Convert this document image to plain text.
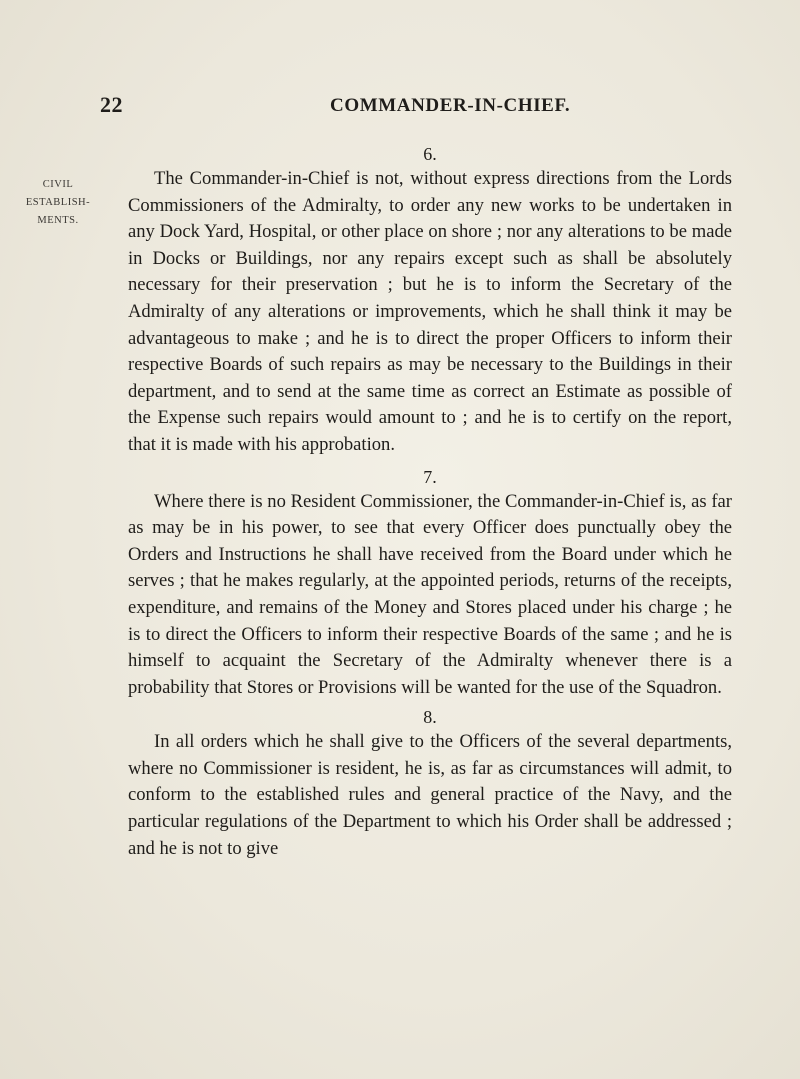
22	COMMANDER-IN-CHIEF.
CIVIL
ESTABLISH-
MENTS.
6.

The Commander-in-Chief is not, without express directions from the Lords Commissioners of the Admiralty, to order any new works to be undertaken in any Dock Yard, Hospital, or other place on shore ; nor any alterations to be made in Docks or Buildings, nor any repairs except such as shall be absolutely necessary for their preservation ; but he is to inform the Secretary of the Admiralty of any alterations or improvements, which he shall think it may be advantageous to make ; and he is to direct the proper Officers to inform their respective Boards of such repairs as may be necessary to the Buildings in their department, and to send at the same time as correct an Estimate as possible of the Expense such repairs would amount to ; and he is to certify on the report, that it is made with his approbation.

7.

Where there is no Resident Commissioner, the Commander-in-Chief is, as far as may be in his power, to see that every Officer does punctually obey the Orders and Instructions he shall have received from the Board under which he serves ; that he makes regularly, at the appointed periods, returns of the receipts, expenditure, and remains of the Money and Stores placed under his charge ; he is to direct the Officers to inform their respective Boards of the same ; and he is himself to acquaint the Secretary of the Admiralty whenever there is a probability that Stores or Provisions will be wanted for the use of the Squadron.

8.

In all orders which he shall give to the Officers of the several departments, where no Commissioner is resident, he is, as far as circumstances will admit, to conform to the established rules and general practice of the Navy, and the particular regulations of the Department to which his Order shall be addressed ; and he is not to give
